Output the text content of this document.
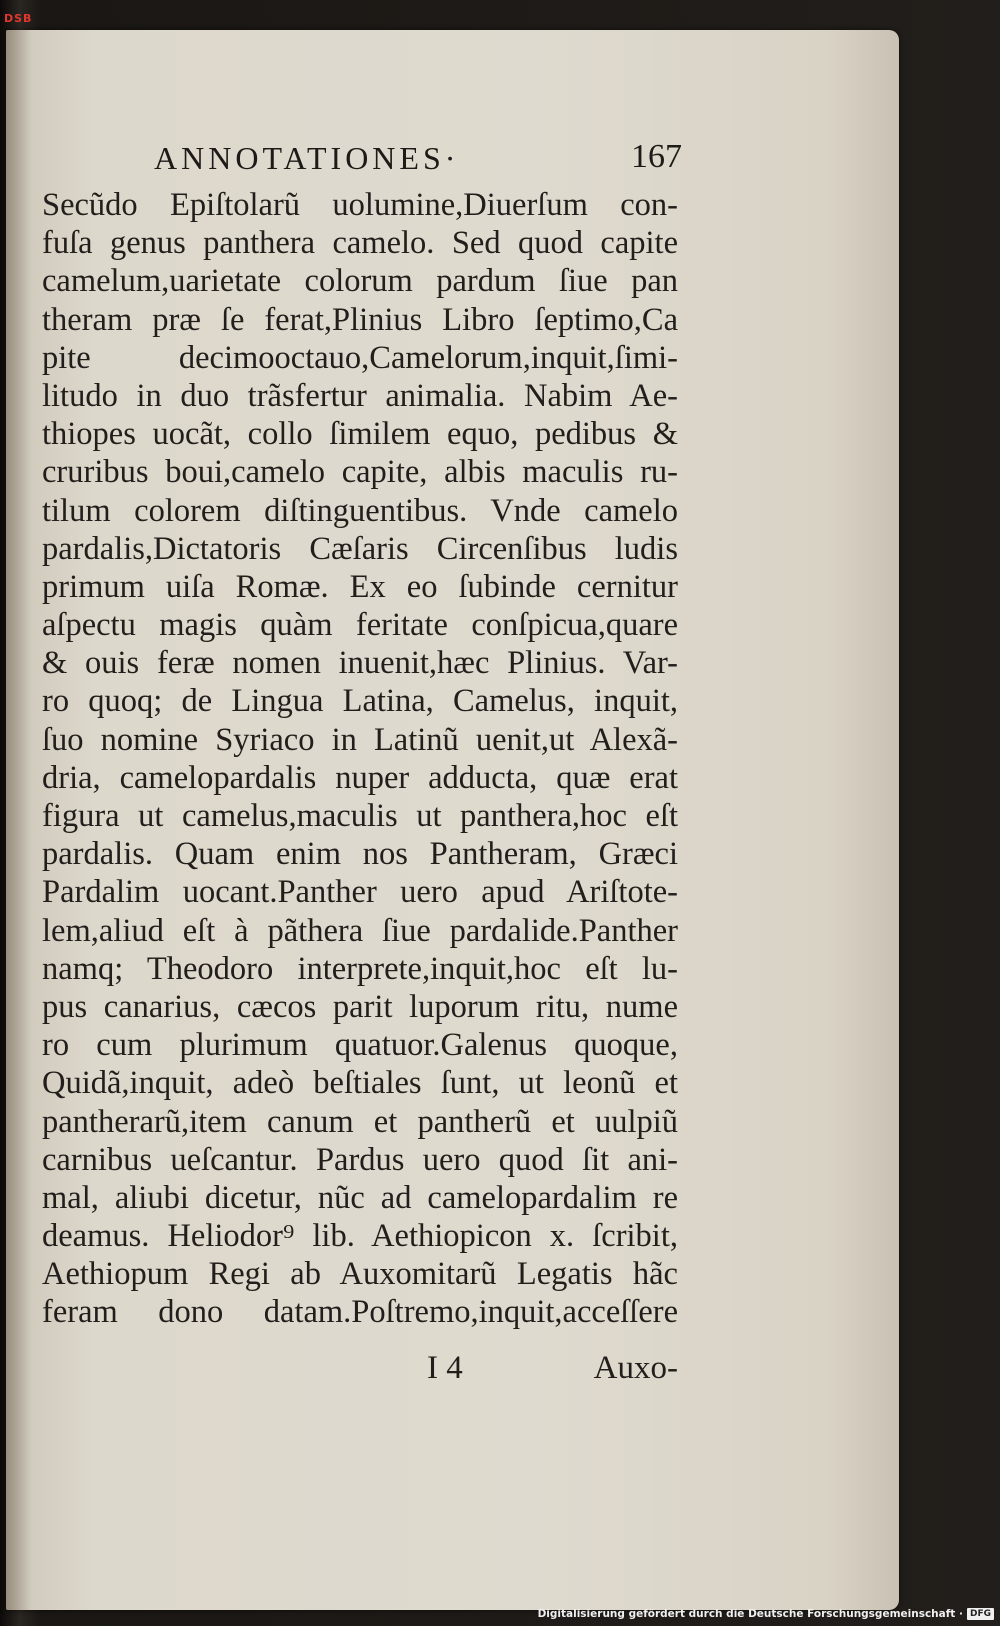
ANNOTATIONES·	167
Secũdo Epiſtolarũ uolumine,Diuerſum con-
fuſa genus panthera camelo. Sed quod capite
camelum,uarietate colorum pardum ſiue pan
theram præ ſe ferat,Plinius Libro ſeptimo,Ca
pite decimooctauo,Camelorum,inquit,ſimi-
litudo in duo trãsfertur animalia. Nabim Ae-
thiopes uocãt, collo ſimilem equo, pedibus &
cruribus boui,camelo capite, albis maculis ru-
tilum colorem diſtinguentibus. Vnde camelo
pardalis,Dictatoris Cæſaris Circenſibus ludis
primum uiſa Romæ. Ex eo ſubinde cernitur
aſpectu magis quàm feritate conſpicua,quare
& ouis feræ nomen inuenit,hæc Plinius. Var-
ro quoq; de Lingua Latina, Camelus, inquit,
ſuo nomine Syriaco in Latinũ uenit,ut Alexã-
dria, camelopardalis nuper adducta, quæ erat
figura ut camelus,maculis ut panthera,hoc eſt
pardalis. Quam enim nos Pantheram, Græci
Pardalim uocant.Panther uero apud Ariſtote-
lem,aliud eſt à pãthera ſiue pardalide.Panther
namq; Theodoro interprete,inquit,hoc eſt lu-
pus canarius, cæcos parit luporum ritu, nume
ro cum plurimum quatuor.Galenus quoque,
Quidã,inquit, adeò beſtiales ſunt, ut leonũ et
pantherarũ,item canum et pantherũ et uulpiũ
carnibus ueſcantur. Pardus uero quod ſit ani-
mal, aliubi dicetur, nũc ad camelopardalim re
deamus. Heliodor⁹ lib. Aethiopicon x. ſcribit,
Aethiopum Regi ab Auxomitarũ Legatis hãc
feram dono datam.Poſtremo,inquit,acceſſere
I 4	Auxo-
DSB
Digitalisierung gefördert durch die Deutsche Forschungsgemeinschaft · DFG
